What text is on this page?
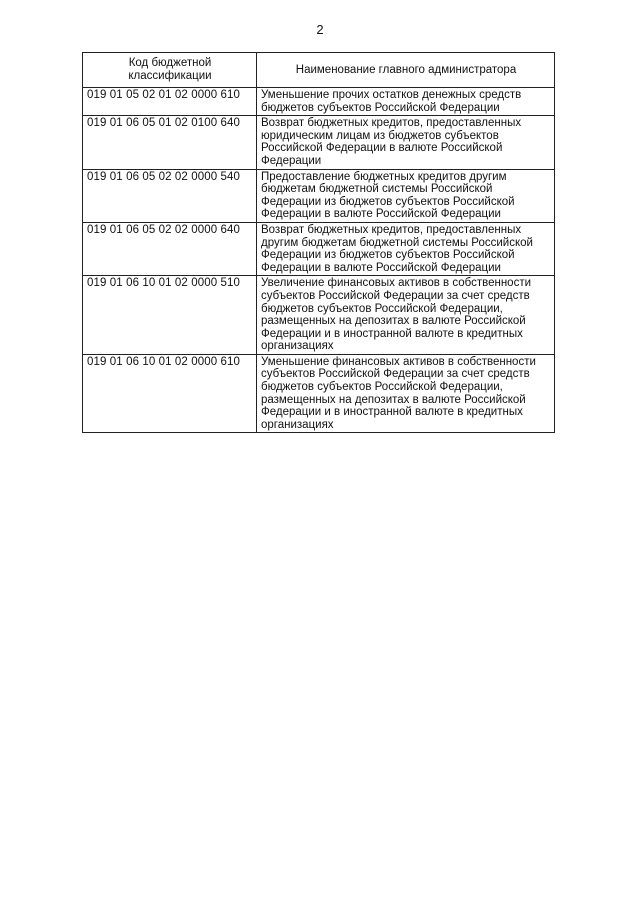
2
Код бюджетной классификации	Наименование главного администратора
019 01 05 02 01 02 0000 610	Уменьшение прочих остатков денежных средств бюджетов субъектов Российской Федерации
019 01 06 05 01 02 0100 640	Возврат бюджетных кредитов, предоставленных юридическим лицам из бюджетов субъектов Российской Федерации в валюте Российской Федерации
019 01 06 05 02 02 0000 540	Предоставление бюджетных кредитов другим бюджетам бюджетной системы Российской Федерации из бюджетов субъектов Российской Федерации в валюте Российской Федерации
019 01 06 05 02 02 0000 640	Возврат бюджетных кредитов, предоставленных другим бюджетам бюджетной системы Российской Федерации из бюджетов субъектов Российской Федерации в валюте Российской Федерации
019 01 06 10 01 02 0000 510	Увеличение финансовых активов в собственности субъектов Российской Федерации за счет средств бюджетов субъектов Российской Федерации, размещенных на депозитах в валюте Российской Федерации и в иностранной валюте в кредитных организациях
019 01 06 10 01 02 0000 610	Уменьшение финансовых активов в собственности субъектов Российской Федерации за счет средств бюджетов субъектов Российской Федерации, размещенных на депозитах в валюте Российской Федерации и в иностранной валюте в кредитных организациях
